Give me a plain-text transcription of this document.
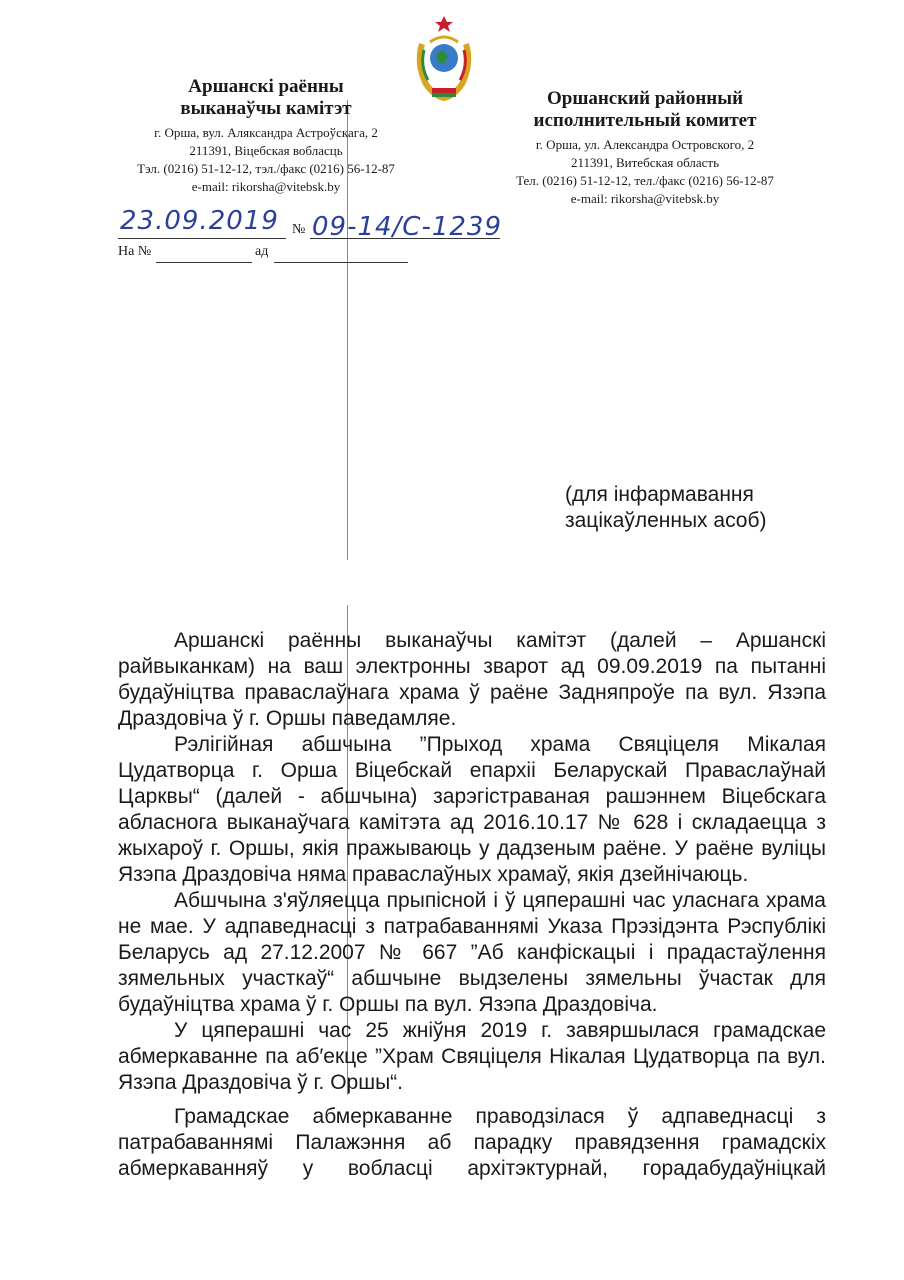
Аршанскі раённы
выканаўчы камітэт
г. Орша, вул. Аляксандра Астроўскага, 2
211391, Віцебская вобласць
Тэл. (0216) 51-12-12, тэл./факс (0216) 56-12-87
e-mail: rikorsha@vitebsk.by
Оршанский районный
исполнительный комитет
г. Орша, ул. Александра Островского, 2
211391, Витебская область
Тел. (0216) 51-12-12, тел./факс (0216) 56-12-87
e-mail: rikorsha@vitebsk.by
23.09.2019 № 09-14/С-1239
На №	ад
(для інфармавання
зацікаўленных асоб)

Аршанскі раённы выканаўчы камітэт (далей – Аршанскі райвыканкам) на ваш электронны зварот ад 09.09.2019 па пытанні будаўніцтва праваслаўнага храма ў раёне Задняпроўе па вул. Язэпа Драздовіча ў г. Оршы паведамляе.

Рэлігійная абшчына ”Прыход храма Свяціцеля Мікалая Цудатворца г. Орша Віцебскай епархіі Беларускай Праваслаўнай Царквы“ (далей - абшчына) зарэгістраваная рашэннем Віцебскага абласнога выканаўчага камітэта ад 2016.10.17 № 628 і складаецца з жыхароў г. Оршы, якія пражываюць у дадзеным раёне. У раёне вуліцы Язэпа Драздовіча няма праваслаўных храмаў, якія дзейнічаюць.

Абшчына з'яўляецца прыпісной і ў цяперашні час уласнага храма не мае. У адпаведнасці з патрабаваннямі Указа Прэзідэнта Рэспублікі Беларусь ад 27.12.2007 № 667 ”Аб канфіскацыі і прадастаўлення зямельных участкаў“ абшчыне выдзелены зямельны ўчастак для будаўніцтва храма ў г. Оршы па вул. Язэпа Драздовіча.

У цяперашні час 25 жніўня 2019 г. завяршылася грамадскае абмеркаванне па аб′екце ”Храм Свяціцеля Нікалая Цудатворца па вул. Язэпа Драздовіча ў г. Оршы“.

Грамадскае абмеркаванне праводзілася ў адпаведнасці з патрабаваннямі Палажэння аб парадку правядзення грамадскіх абмеркаванняў у вобласці архітэктурнай, горадабудаўніцкай
